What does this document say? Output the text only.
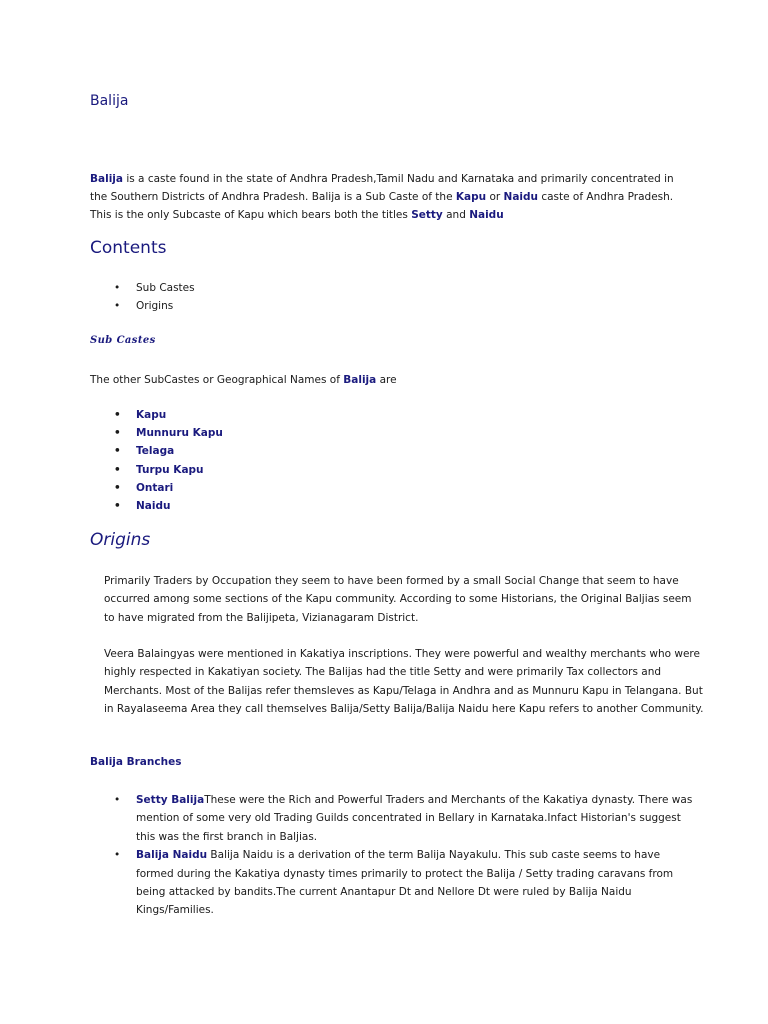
Balija
Balija is a caste found in the state of Andhra Pradesh,Tamil Nadu and Karnataka and primarily concentrated in the Southern Districts of Andhra Pradesh. Balija is a Sub Caste of the Kapu or Naidu caste of Andhra Pradesh. This is the only Subcaste of Kapu which bears both the titles Setty and Naidu
Contents
• Sub Castes
• Origins
Sub Castes
The other SubCastes or Geographical Names of Balija are
• Kapu
• Munnuru Kapu
• Telaga
• Turpu Kapu
• Ontari
• Naidu
Origins
Primarily Traders by Occupation they seem to have been formed by a small Social Change that seem to have occurred among some sections of the Kapu community. According to some Historians, the Original Baljias seem to have migrated from the Balijipeta, Vizianagaram District.
Veera Balaingyas were mentioned in Kakatiya inscriptions. They were powerful and wealthy merchants who were highly respected in Kakatiyan society. The Balijas had the title Setty and were primarily Tax collectors and Merchants. Most of the Balijas refer themsleves as Kapu/Telaga in Andhra and as Munnuru Kapu in Telangana. But in Rayalaseema Area they call themselves Balija/Setty Balija/Balija Naidu here Kapu refers to another Community.
Balija Branches
• Setty BalijaThese were the Rich and Powerful Traders and Merchants of the Kakatiya dynasty. There was mention of some very old Trading Guilds concentrated in Bellary in Karnataka.Infact Historian's suggest this was the first branch in Baljias.
• Balija Naidu Balija Naidu is a derivation of the term Balija Nayakulu. This sub caste seems to have formed during the Kakatiya dynasty times primarily to protect the Balija / Setty trading caravans from being attacked by bandits.The current Anantapur Dt and Nellore Dt were ruled by Balija Naidu Kings/Families.
